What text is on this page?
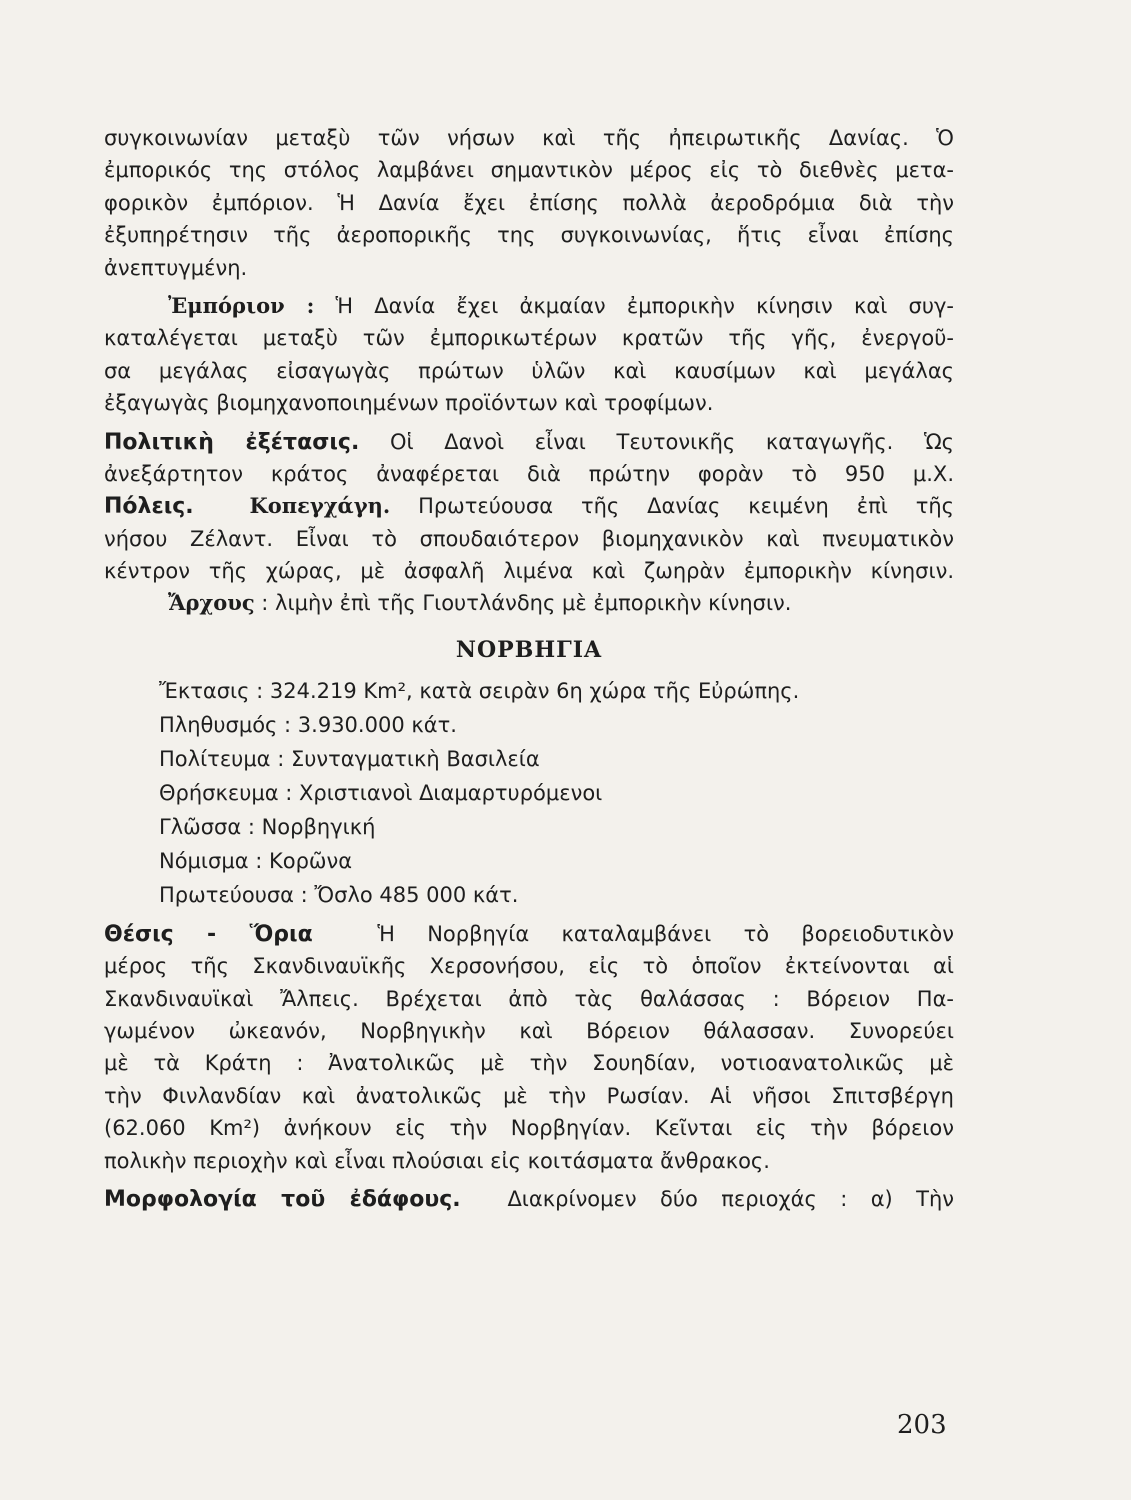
συγκοινωνίαν μεταξὺ τῶν νήσων καὶ τῆς ἠπειρωτικῆς Δανίας. Ὁ
ἐμπορικός της στόλος λαμβάνει σημαντικὸν μέρος εἰς τὸ διεθνὲς μετα-
φορικὸν ἐμπόριον. Ἡ Δανία ἔχει ἐπίσης πολλὰ ἀεροδρόμια διὰ τὴν
ἐξυπηρέτησιν τῆς ἀεροπορικῆς της συγκοινωνίας, ἥτις εἶναι ἐπίσης
ἀνεπτυγμένη.
Ἐμπόριον : Ἡ Δανία ἔχει ἀκμαίαν ἐμπορικὴν κίνησιν καὶ συγ-
καταλέγεται μεταξὺ τῶν ἐμπορικωτέρων κρατῶν τῆς γῆς, ἐνεργοῦ-
σα μεγάλας εἰσαγωγὰς πρώτων ὑλῶν καὶ καυσίμων καὶ μεγάλας
ἐξαγωγὰς βιομηχανοποιημένων προϊόντων καὶ τροφίμων.
Πολιτικὴ ἐξέτασις. Οἱ Δανοὶ εἶναι Τευτονικῆς καταγωγῆς. Ὡς
ἀνεξάρτητον κράτος ἀναφέρεται διὰ πρώτην φορὰν τὸ 950 μ.Χ.
Πόλεις.	Κοπεγχάγη. Πρωτεύουσα τῆς Δανίας κειμένη ἐπὶ τῆς
νήσου Ζέλαντ. Εἶναι τὸ σπουδαιότερον βιομηχανικὸν καὶ πνευματικὸν
κέντρον τῆς χώρας, μὲ ἀσφαλῆ λιμένα καὶ ζωηρὰν ἐμπορικὴν κίνησιν.
Ἄρχους : λιμὴν ἐπὶ τῆς Γιουτλάνδης μὲ ἐμπορικὴν κίνησιν.
ΝΟΡΒΗΓΙΑ
Ἔκτασις : 324.219 Km², κατὰ σειρὰν 6η χώρα τῆς Εὐρώπης.
Πληθυσμός : 3.930.000 κάτ.
Πολίτευμα : Συνταγματικὴ Βασιλεία
Θρήσκευμα : Χριστιανοὶ Διαμαρτυρόμενοι
Γλῶσσα : Νορβηγική
Νόμισμα : Κορῶνα
Πρωτεύουσα : Ὄσλο 485 000 κάτ.
Θέσις - Ὅρια	Ἡ Νορβηγία καταλαμβάνει τὸ βορειοδυτικὸν
μέρος τῆς Σκανδιναυϊκῆς Χερσονήσου, εἰς τὸ ὁποῖον ἐκτείνονται αἱ
Σκανδιναυϊκαὶ Ἄλπεις. Βρέχεται ἀπὸ τὰς θαλάσσας : Βόρειον Πα-
γωμένον ὠκεανόν, Νορβηγικὴν καὶ Βόρειον θάλασσαν. Συνορεύει
μὲ τὰ Κράτη : Ἀνατολικῶς μὲ τὴν Σουηδίαν, νοτιοανατολικῶς μὲ
τὴν Φινλανδίαν καὶ ἀνατολικῶς μὲ τὴν Ρωσίαν. Αἱ νῆσοι Σπιτσβέργη
(62.060 Km²) ἀνήκουν εἰς τὴν Νορβηγίαν. Κεῖνται εἰς τὴν βόρειον
πολικὴν περιοχὴν καὶ εἶναι πλούσιαι εἰς κοιτάσματα ἄνθρακος.
Μορφολογία τοῦ ἐδάφους. Διακρίνομεν δύο περιοχάς : α) Τὴν
203
